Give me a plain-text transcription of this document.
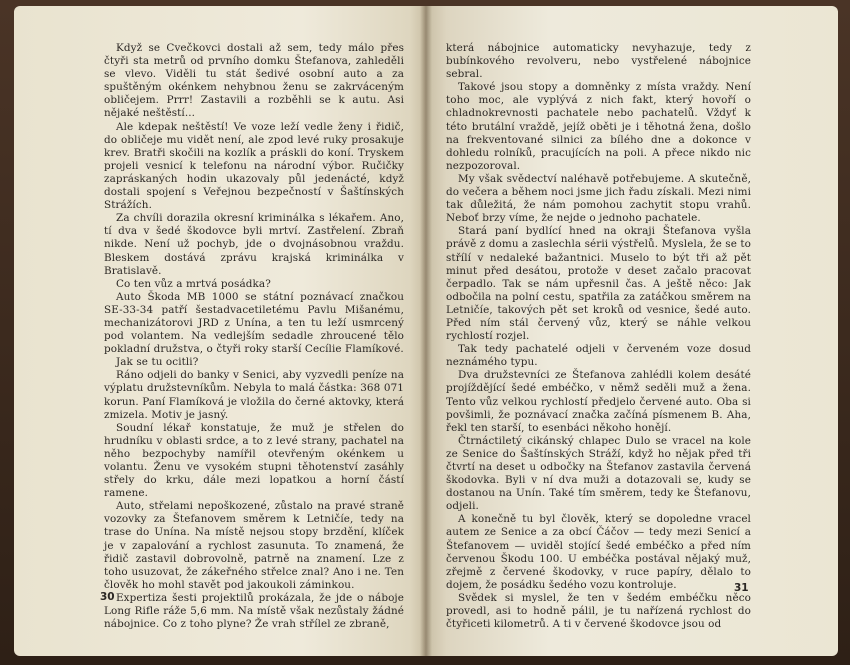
Když se Cvečkovci dostali až sem, tedy málo přes čtyři sta metrů od prvního domku Štefanova, zahleděli se vlevo. Viděli tu stát šedivé osobní auto a za spuštěným okénkem nehybnou ženu se zakrváceným obličejem. Prrr! Zastavili a rozběhli se k autu. Asi nějaké neštěstí...

Ale kdepak neštěstí! Ve voze leží vedle ženy i řidič, do obličeje mu vidět není, ale zpod levé ruky prosakuje krev. Bratři skočili na kozlík a práskli do koní. Tryskem projeli vesnicí k telefonu na národní výbor. Ručičky zapráskaných hodin ukazovaly půl jedenácté, když dostali spojení s Veřejnou bezpečností v Šaštínských Strážích.

Za chvíli dorazila okresní kriminálka s lékařem. Ano, tí dva v šedé škodovce byli mrtví. Zastřelení. Zbraň nikde. Není už pochyb, jde o dvojnásobnou vraždu. Bleskem dostává zprávu krajská kriminálka v Bratislavě.

Co ten vůz a mrtvá posádka?

Auto Škoda MB 1000 se státní poznávací značkou SE-33-34 patří šestadvacetiletému Pavlu Mišanému, mechanizátorovi JRD z Unína, a ten tu leží usmrcený pod volantem. Na vedlejším sedadle zhroucené tělo pokladní družstva, o čtyři roky starší Cecílie Flamíkové.

Jak se tu ocitli?

Ráno odjeli do banky v Senici, aby vyzvedli peníze na výplatu družstevníkům. Nebyla to malá částka: 368 071 korun. Paní Flamíková je vložila do černé aktovky, která zmizela. Motiv je jasný.

Soudní lékař konstatuje, že muž je střelen do hrudníku v oblasti srdce, a to z levé strany, pachatel na něho bezpochyby namířil otevřeným okénkem u volantu. Ženu ve vysokém stupni těhotenství zasáhly střely do krku, dále mezi lopatkou a horní částí ramene.

Auto, střelami nepoškozené, zůstalo na pravé straně vozovky za Štefanovem směrem k Letničíe, tedy na trase do Unína. Na místě nejsou stopy brzdění, klíček je v zapalování a rychlost zasunuta. To znamená, že řidič zastavil dobrovolně, patrně na znamení. Lze z toho usuzovat, že zákeřného střelce znal? Ano i ne. Ten člověk ho mohl stavět pod jakoukoli záminkou.

Expertiza šesti projektilů prokázala, že jde o náboje Long Rifle ráže 5,6 mm. Na místě však nezůstaly žádné nábojnice. Co z toho plyne? Že vrah střílel ze zbraně,

30

která nábojnice automaticky nevyhazuje, tedy z bubínkového revolveru, nebo vystřelené nábojnice sebral.

Takové jsou stopy a domněnky z místa vraždy. Není toho moc, ale vyplývá z nich fakt, který hovoří o chladnokrevnosti pachatele nebo pachatelů. Vždyť k této brutální vraždě, jejíž oběti je i těhotná žena, došlo na frekventované silnici za bílého dne a dokonce v dohledu rolníků, pracujících na poli. A přece nikdo nic nezpozoroval.

My však svědectví naléhavě potřebujeme. A skutečně, do večera a během noci jsme jich řadu získali. Mezi nimi tak důležitá, že nám pomohou zachytit stopu vrahů. Neboť brzy víme, že nejde o jednoho pachatele.

Stará paní bydlící hned na okraji Štefanova vyšla právě z domu a zaslechla sérii výstřelů. Myslela, že se to střílí v nedaleké bažantnici. Muselo to být tři až pět minut před desátou, protože v deset začalo pracovat čerpadlo. Tak se nám upřesnil čas. A ještě něco: Jak odbočila na polní cestu, spatřila za zatáčkou směrem na Letničíe, takových pět set kroků od vesnice, šedé auto. Před ním stál červený vůz, který se náhle velkou rychlostí rozjel.

Tak tedy pachatelé odjeli v červeném voze dosud neznámého typu.

Dva družstevníci ze Štefanova zahlédli kolem desáté projíždějící šedé embéčko, v němž seděli muž a žena. Tento vůz velkou rychlostí předjelo červené auto. Oba si povšimli, že poznávací značka začíná písmenem B. Aha, řekl ten starší, to esenbáci někoho honějí.

Čtrnáctiletý cikánský chlapec Dulo se vracel na kole ze Senice do Šaštínských Stráží, když ho nějak před tři čtvrtí na deset u odbočky na Štefanov zastavila červená škodovka. Byli v ní dva muži a dotazovali se, kudy se dostanou na Unín. Také tím směrem, tedy ke Štefanovu, odjeli.

A konečně tu byl člověk, který se dopoledne vracel autem ze Senice a za obcí Čáčov — tedy mezi Senicí a Štefanovem — uviděl stojící šedé embéčko a před ním červenou Škodu 100. U embéčka postával nějaký muž, zřejmě z červené škodovky, v ruce papíry, dělalo to dojem, že posádku šedého vozu kontroluje.

Svědek si myslel, že ten v šedém embéčku něco provedl, asi to hodně pálil, je tu nařízená rychlost do čtyřiceti kilometrů. A ti v červené škodovce jsou od

31
